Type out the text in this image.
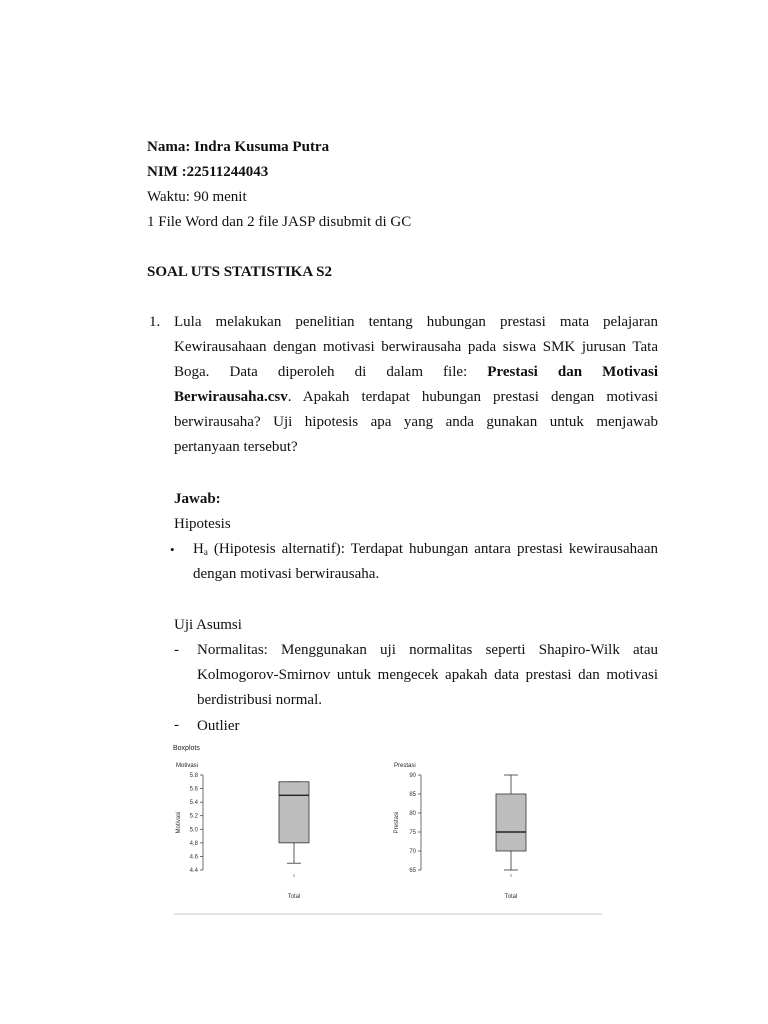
Nama: Indra Kusuma Putra
NIM :22511244043
Waktu: 90 menit
1 File Word dan 2 file JASP disubmit di GC
SOAL UTS STATISTIKA S2
1. Lula melakukan penelitian tentang hubungan prestasi mata pelajaran
Kewirausahaan dengan motivasi berwirausaha pada siswa SMK jurusan Tata
Boga. Data diperoleh di dalam file: Prestasi dan Motivasi
Berwirausaha.csv. Apakah terdapat hubungan prestasi dengan motivasi
berwirausaha? Uji hipotesis apa yang anda gunakan untuk menjawab
pertanyaan tersebut?
Jawab:
Hipotesis
• $H_a$ (Hipotesis alternatif): Terdapat hubungan antara prestasi kewirausahaan
dengan motivasi berwirausaha.
Uji Asumsi
- Normalitas: Menggunakan uji normalitas seperti Shapiro-Wilk atau
Kolmogorov-Smirnov untuk mengecek apakah data prestasi dan motivasi
berdistribusi normal.
- Outlier
Boxplots
Motivasi
4.4
4.6
4.8
5.0
5.2
5.4
5.6
5.8
Motivasi
Total
Prestasi
65
70
75
80
85
90
Prestasi
Total
